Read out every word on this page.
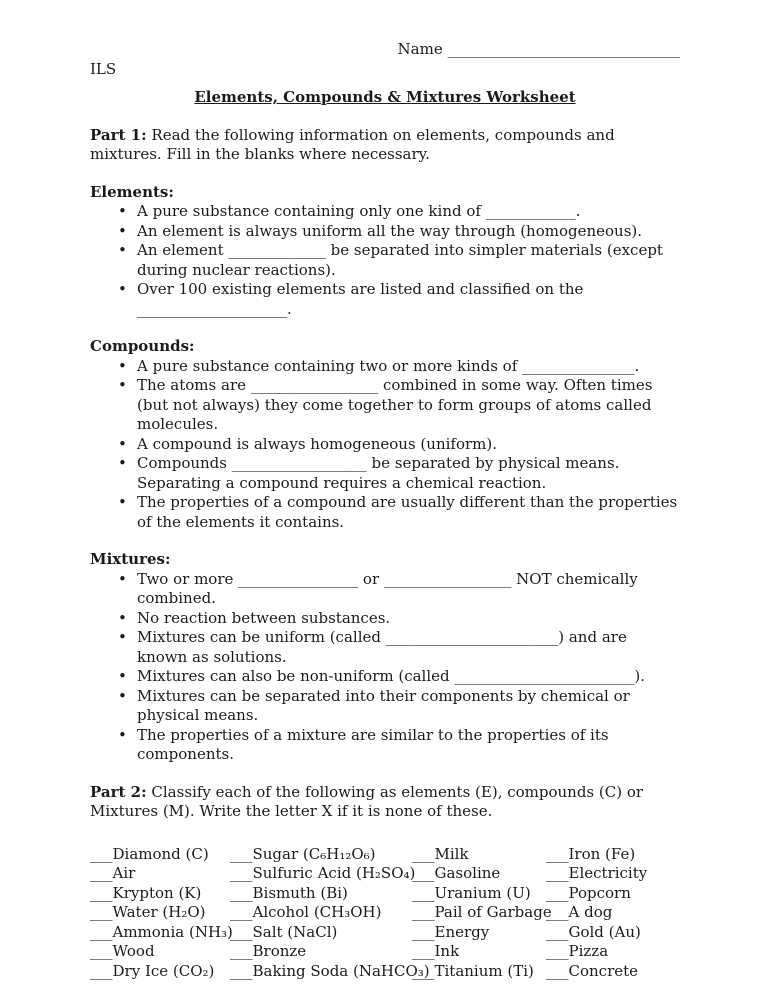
Name _______________________________
ILS
Elements, Compounds & Mixtures Worksheet

Part 1: Read the following information on elements, compounds and mixtures. Fill in the blanks where necessary.

Elements:
• A pure substance containing only one kind of ____________.
• An element is always uniform all the way through (homogeneous).
• An element _____________ be separated into simpler materials (except during nuclear reactions).
• Over 100 existing elements are listed and classified on the ____________________.
Compounds:
• A pure substance containing two or more kinds of _______________.
• The atoms are _________________ combined in some way. Often times (but not always) they come together to form groups of atoms called molecules.
• A compound is always homogeneous (uniform).
• Compounds __________________ be separated by physical means. Separating a compound requires a chemical reaction.
• The properties of a compound are usually different than the properties of the elements it contains.
Mixtures:
• Two or more ________________ or _________________ NOT chemically combined.
• No reaction between substances.
• Mixtures can be uniform (called _______________________) and are known as solutions.
• Mixtures can also be non-uniform (called ________________________).
• Mixtures can be separated into their components by chemical or physical means.
• The properties of a mixture are similar to the properties of its components.

Part 2: Classify each of the following as elements (E), compounds (C) or Mixtures (M). Write the letter X if it is none of these.

___Diamond (C)
___Air
___Krypton (K)
___Water (H₂O)
___Ammonia (NH₃)
___Wood
___Dry Ice (CO₂)
___Sugar (C₆H₁₂O₆)
___Sulfuric Acid (H₂SO₄)
___Bismuth (Bi)
___Alcohol (CH₃OH)
___Salt (NaCl)
___Bronze
___Baking Soda (NaHCO₃)
___Milk
___Gasoline
___Uranium (U)
___Pail of Garbage
___Energy
___Ink
___Titanium (Ti)
___Iron (Fe)
___Electricity
___Popcorn
___A dog
___Gold (Au)
___Pizza
___Concrete
